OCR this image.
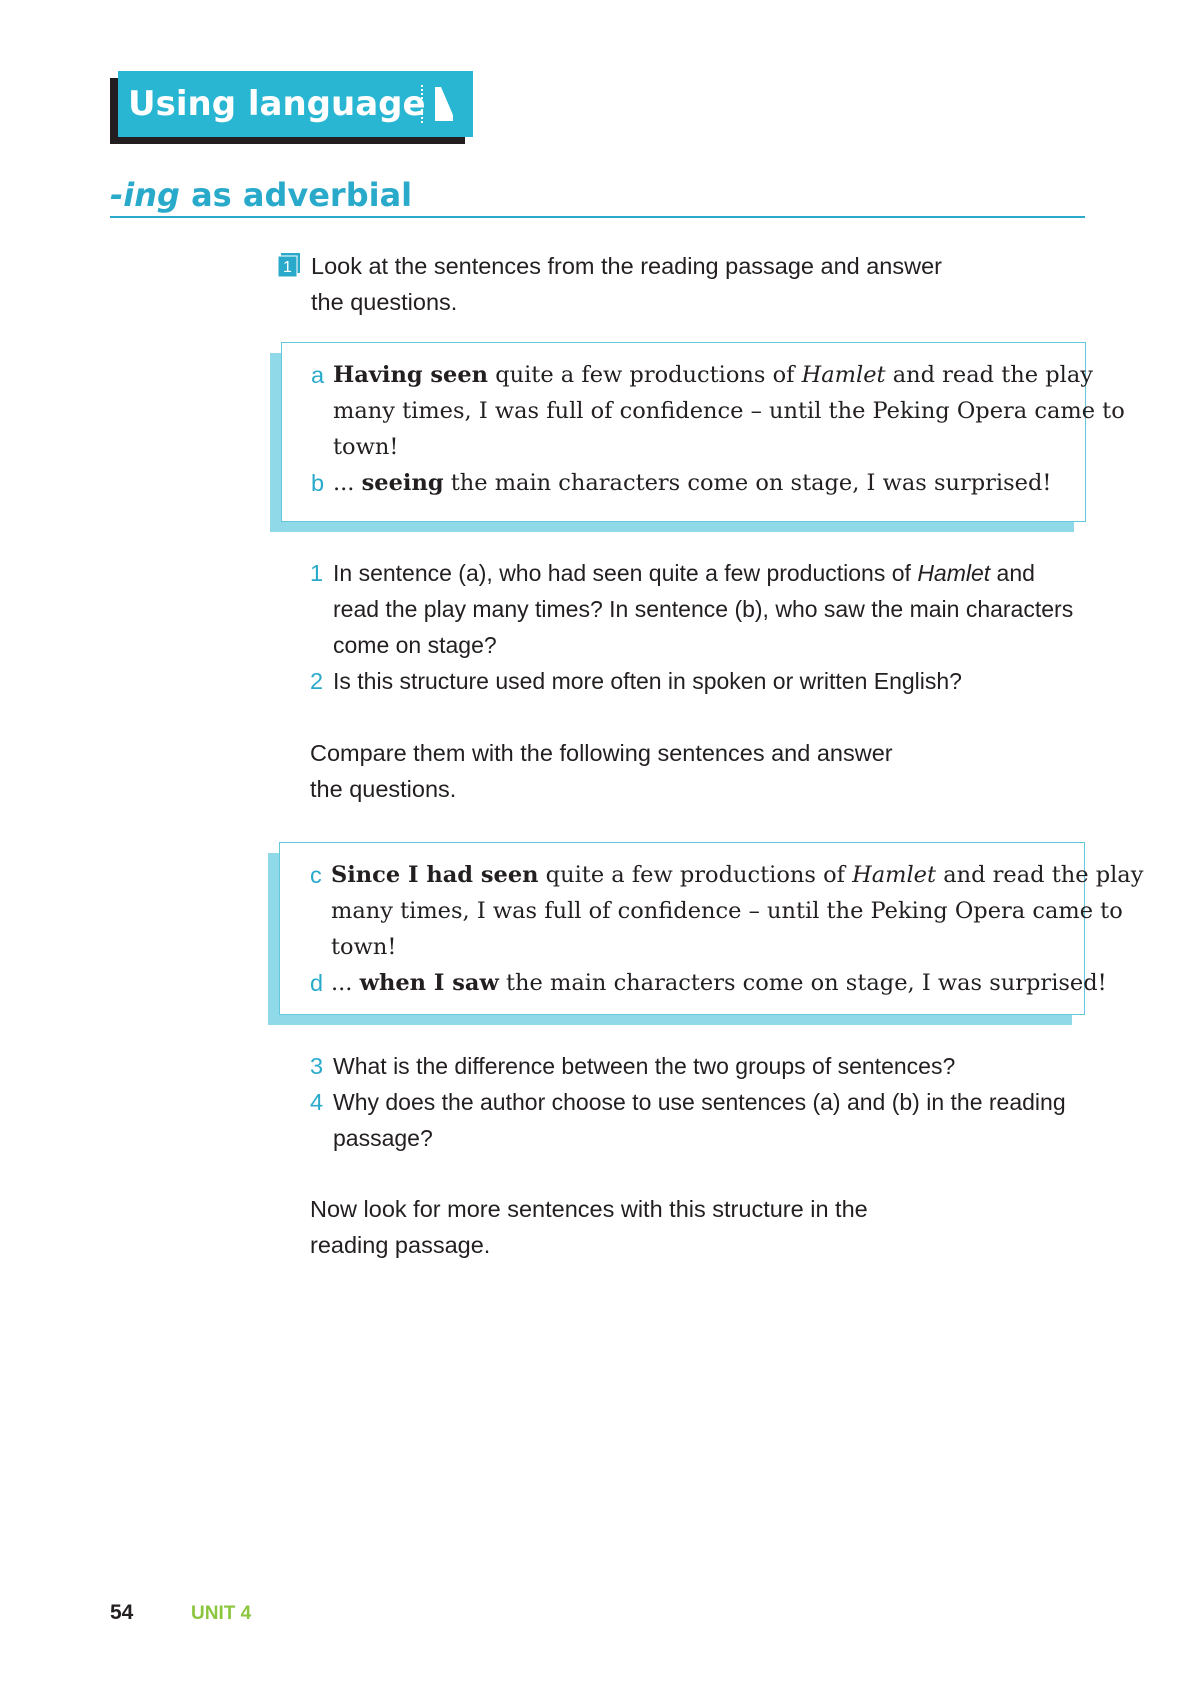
Using language
-ing as adverbial
1 Look at the sentences from the reading passage and answer
the questions.
a Having seen quite a few productions of Hamlet and read the play
many times, I was full of confidence – until the Peking Opera came to
town!
b ... seeing the main characters come on stage, I was surprised!
1 In sentence (a), who had seen quite a few productions of Hamlet and
read the play many times? In sentence (b), who saw the main characters
come on stage?
2 Is this structure used more often in spoken or written English?
Compare them with the following sentences and answer
the questions.
c Since I had seen quite a few productions of Hamlet and read the play
many times, I was full of confidence – until the Peking Opera came to
town!
d ... when I saw the main characters come on stage, I was surprised!
3 What is the difference between the two groups of sentences?
4 Why does the author choose to use sentences (a) and (b) in the reading
passage?
Now look for more sentences with this structure in the
reading passage.
54	UNIT 4
